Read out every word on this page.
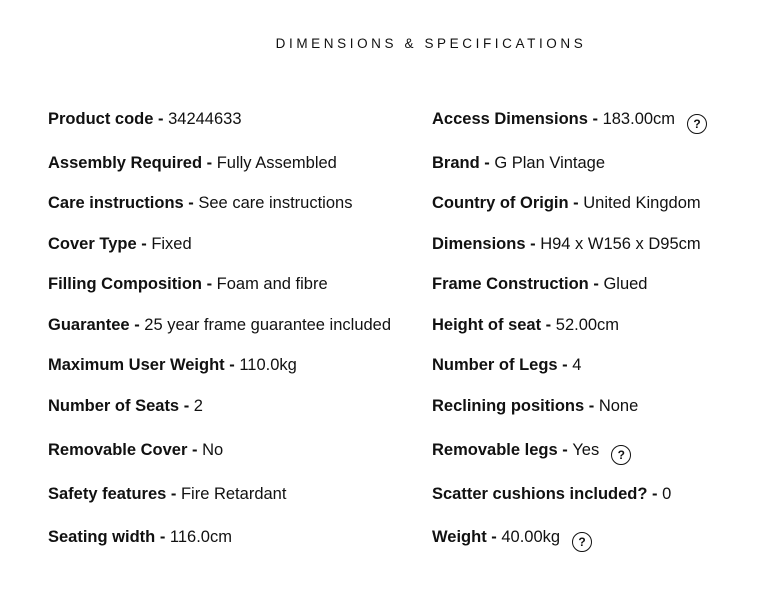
DIMENSIONS & SPECIFICATIONS
Product code - 34244633
Assembly Required - Fully Assembled
Care instructions - See care instructions
Cover Type - Fixed
Filling Composition - Foam and fibre
Guarantee - 25 year frame guarantee included
Maximum User Weight - 110.0kg
Number of Seats - 2
Removable Cover - No
Safety features - Fire Retardant
Seating width - 116.0cm
Access Dimensions - 183.00cm ?
Brand - G Plan Vintage
Country of Origin - United Kingdom
Dimensions - H94 x W156 x D95cm
Frame Construction - Glued
Height of seat - 52.00cm
Number of Legs - 4
Reclining positions - None
Removable legs - Yes ?
Scatter cushions included? - 0
Weight - 40.00kg ?
